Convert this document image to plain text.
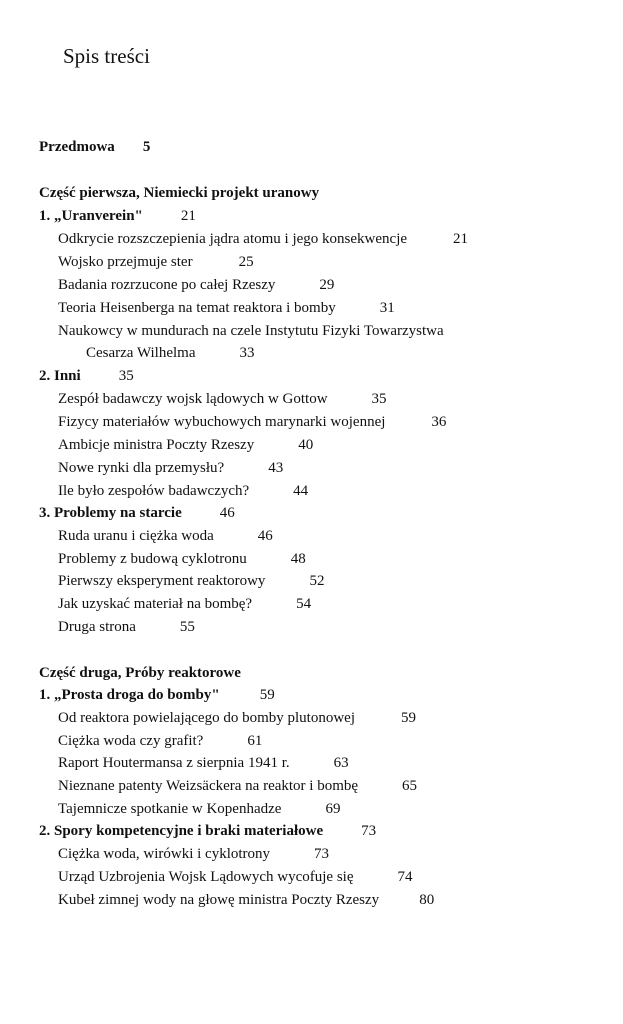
Spis treści
Przedmowa 5
Część pierwsza, Niemiecki projekt uranowy
1. „Uranverein"	21
Odkrycie rozszczepienia jądra atomu i jego konsekwencje	21
Wojsko przejmuje ster	25
Badania rozrzucone po całej Rzeszy	29
Teoria Heisenberga na temat reaktora i bomby	31
Naukowcy w mundurach na czele Instytutu Fizyki Towarzystwa
Cesarza Wilhelma	33
2. Inni	35
Zespół badawczy wojsk lądowych w Gottow	35
Fizycy materiałów wybuchowych marynarki wojennej	36
Ambicje ministra Poczty Rzeszy	40
Nowe rynki dla przemysłu?	43
Ile było zespołów badawczych?	44
3. Problemy na starcie	46
Ruda uranu i ciężka woda	46
Problemy z budową cyklotronu	48
Pierwszy eksperyment reaktorowy	52
Jak uzyskać materiał na bombę?	54
Druga strona	55
Część druga, Próby reaktorowe
1. „Prosta droga do bomby"	59
Od reaktora powielającego do bomby plutonowej	59
Ciężka woda czy grafit?	61
Raport Houtermansa z sierpnia 1941 r.	63
Nieznane patenty Weizsäckera na reaktor i bombę	65
Tajemnicze spotkanie w Kopenhadze	69
2. Spory kompetencyjne i braki materiałowe	73
Ciężka woda, wirówki i cyklotrony	73
Urząd Uzbrojenia Wojsk Lądowych wycofuje się	74
Kubeł zimnej wody na głowę ministra Poczty Rzeszy	80
